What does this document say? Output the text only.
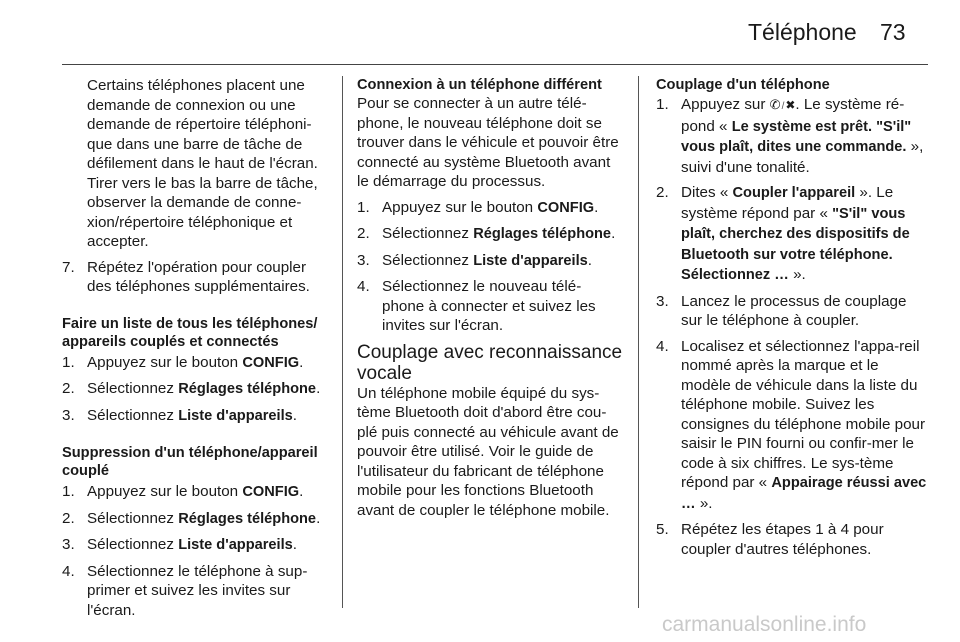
Téléphone 73

Certains téléphones placent une demande de connexion ou une demande de répertoire téléphoni-que dans une barre de tâche de défilement dans le haut de l'écran. Tirer vers le bas la barre de tâche, observer la demande de conne-xion/répertoire téléphonique et accepter.

7. Répétez l'opération pour coupler des téléphones supplémentaires.

Faire un liste de tous les téléphones/ appareils couplés et connectés

1. Appuyez sur le bouton CONFIG.
2. Sélectionnez Réglages téléphone.
3. Sélectionnez Liste d'appareils.

Suppression d'un téléphone/appareil couplé

1. Appuyez sur le bouton CONFIG.
2. Sélectionnez Réglages téléphone.
3. Sélectionnez Liste d'appareils.
4. Sélectionnez le téléphone à sup-primer et suivez les invites sur l'écran.

Connexion à un téléphone différent

Pour se connecter à un autre télé-phone, le nouveau téléphone doit se trouver dans le véhicule et pouvoir être connecté au système Bluetooth avant le démarrage du processus.

1. Appuyez sur le bouton CONFIG.
2. Sélectionnez Réglages téléphone.
3. Sélectionnez Liste d'appareils.
4. Sélectionnez le nouveau télé-phone à connecter et suivez les invites sur l'écran.

Couplage avec reconnaissance vocale

Un téléphone mobile équipé du sys-tème Bluetooth doit d'abord être cou-plé puis connecté au véhicule avant de pouvoir être utilisé. Voir le guide de l'utilisateur du fabricant de téléphone mobile pour les fonctions Bluetooth avant de coupler le téléphone mobile.

Couplage d'un téléphone

1. Appuyez sur ✆/✖. Le système ré-pond « Le système est prêt. "S'il" vous plaît, dites une commande. », suivi d'une tonalité.
2. Dites « Coupler l'appareil ». Le système répond par « "S'il" vous plaît, cherchez des dispositifs de Bluetooth sur votre téléphone. Sélectionnez … ».
3. Lancez le processus de couplage sur le téléphone à coupler.
4. Localisez et sélectionnez l'appa-reil nommé après la marque et le modèle de véhicule dans la liste du téléphone mobile. Suivez les consignes du téléphone mobile pour saisir le PIN fourni ou confir-mer le code à six chiffres. Le sys-tème répond par « Appairage réussi avec … ».
5. Répétez les étapes 1 à 4 pour coupler d'autres téléphones.
carmanualsonline.info
